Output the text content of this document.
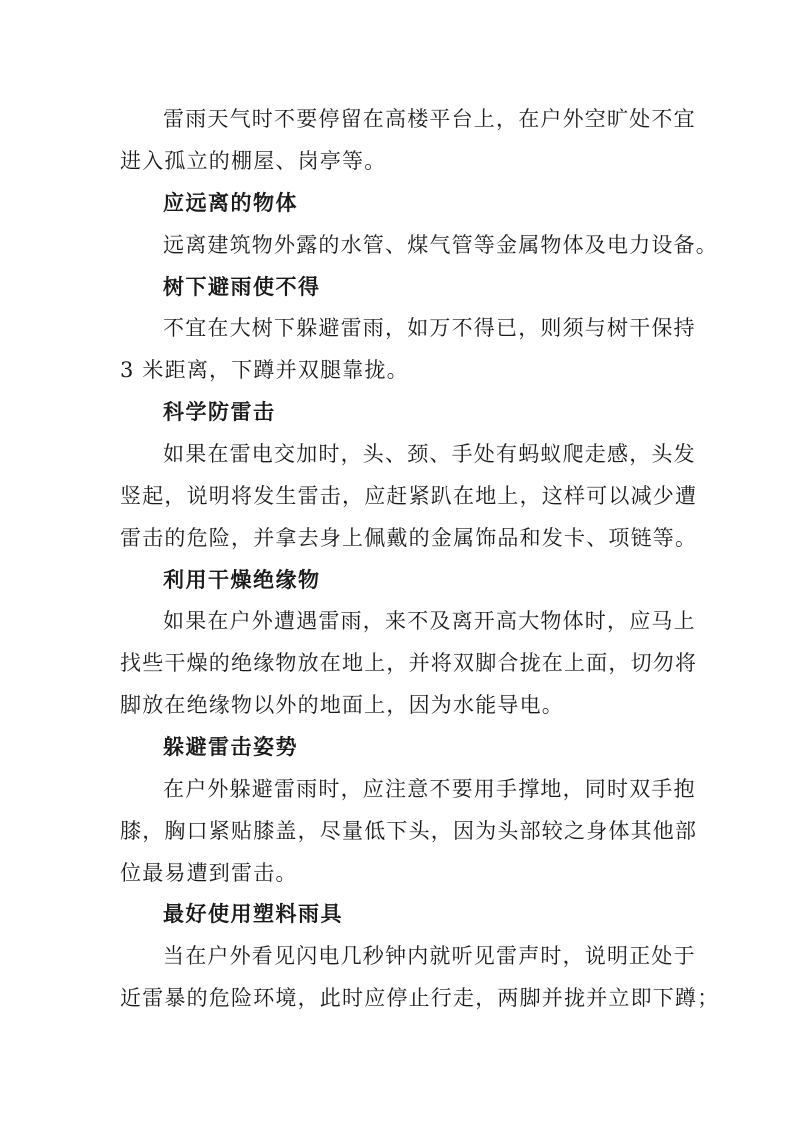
雷雨天气时不要停留在高楼平台上，在户外空旷处不宜
进入孤立的棚屋、岗亭等。
应远离的物体
远离建筑物外露的水管、煤气管等金属物体及电力设备。
树下避雨使不得
不宜在大树下躲避雷雨，如万不得已，则须与树干保持
3 米距离，下蹲并双腿靠拢。
科学防雷击
如果在雷电交加时，头、颈、手处有蚂蚁爬走感，头发
竖起，说明将发生雷击，应赶紧趴在地上，这样可以减少遭
雷击的危险，并拿去身上佩戴的金属饰品和发卡、项链等。
利用干燥绝缘物
如果在户外遭遇雷雨，来不及离开高大物体时，应马上
找些干燥的绝缘物放在地上，并将双脚合拢在上面，切勿将
脚放在绝缘物以外的地面上，因为水能导电。
躲避雷击姿势
在户外躲避雷雨时，应注意不要用手撑地，同时双手抱
膝，胸口紧贴膝盖，尽量低下头，因为头部较之身体其他部
位最易遭到雷击。
最好使用塑料雨具
当在户外看见闪电几秒钟内就听见雷声时，说明正处于
近雷暴的危险环境，此时应停止行走，两脚并拢并立即下蹲；
